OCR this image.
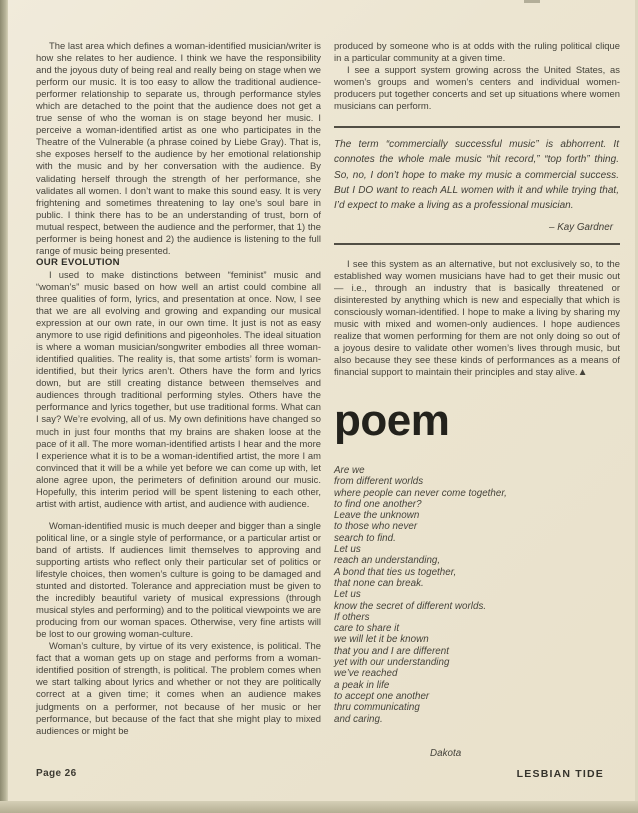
The last area which defines a woman-identified musician/writer is how she relates to her audience. I think we have the responsibility and the joyous duty of being real and really being on stage when we perform our music. It is too easy to allow the traditional audience-performer relationship to separate us, through performance styles which are detached to the point that the audience does not get a true sense of who the woman is on stage beyond her music. I perceive a woman-identified artist as one who participates in the Theatre of the Vulnerable (a phrase coined by Liebe Gray). That is, she exposes herself to the audience by her emotional relationship with the music and by her conversation with the audience. By validating herself through the strength of her performance, she validates all women. I don’t want to make this sound easy. It is very frightening and sometimes threatening to lay one’s soul bare in public. I think there has to be an understanding of trust, born of mutual respect, between the audience and the performer, that 1) the performer is being honest and 2) the audience is listening to the full range of music being presented.

OUR EVOLUTION

I used to make distinctions between “feminist” music and “woman’s” music based on how well an artist could combine all three qualities of form, lyrics, and presentation at once. Now, I see that we are all evolving and growing and expanding our musical expression at our own rate, in our own time. It just is not as easy anymore to use rigid definitions and pigeonholes. The ideal situation is where a woman musician/songwriter embodies all three woman-identified qualities. The reality is, that some artists’ form is woman-identified, but their lyrics aren’t. Others have the form and lyrics down, but are still creating distance between themselves and audiences through traditional performing styles. Others have the performance and lyrics together, but use traditional forms. What can I say? We’re evolving, all of us. My own definitions have changed so much in just four months that my brains are shaken loose at the pace of it all. The more woman-identified artists I hear and the more I experience what it is to be a woman-identified artist, the more I am convinced that it will be a while yet before we can come up with, let alone agree upon, the perimeters of definition around our music. Hopefully, this interim period will be spent listening to each other, artist with artist, audience with artist, and audience with audience.

Woman-identified music is much deeper and bigger than a single political line, or a single style of performance, or a particular artist or band of artists. If audiences limit themselves to approving and supporting artists who reflect only their particular set of politics or lifestyle choices, then women’s culture is going to be damaged and stunted and distorted. Tolerance and appreciation must be given to the incredibly beautiful variety of musical expressions (through musical styles and performing) and to the political viewpoints we are producing from our woman spaces. Otherwise, very fine artists will be lost to our growing woman-culture.

Woman’s culture, by virtue of its very existence, is political. The fact that a woman gets up on stage and performs from a woman-identified position of strength, is political. The problem comes when we start talking about lyrics and whether or not they are politically correct at a given time; it comes when an audience makes judgments on a performer, not because of her music or her performance, but because of the fact that she might play to mixed audiences or might be

produced by someone who is at odds with the ruling political clique in a particular community at a given time.

I see a support system growing across the United States, as women’s groups and women’s centers and individual women-producers put together concerts and set up situations where women musicians can perform.

The term “commercially successful music” is abhorrent. It connotes the whole male music “hit record,” “top forth” thing. So, no, I don’t hope to make my music a commercial success. But I DO want to reach ALL women with it and while trying that, I’d expect to make a living as a professional musician.
– Kay Gardner

I see this system as an alternative, but not exclusively so, to the established way women musicians have had to get their music out — i.e., through an industry that is basically threatened or disinterested by anything which is new and especially that which is consciously woman-identified. I hope to make a living by sharing my music with mixed and women-only audiences. I hope audiences realize that women performing for them are not only doing so out of a joyous desire to validate other women’s lives through music, but also because they see these kinds of performances as a means of financial support to maintain their principles and stay alive.▲

poem
Are we
from different worlds
where people can never come together,
to find one another?
Leave the unknown
to those who never
search to find.
Let us
reach an understanding,
A bond that ties us together,
that none can break.
Let us
know the secret of different worlds.
If others
care to share it
we will let it be known
that you and I are different
yet with our understanding
we’ve reached
a peak in life
to accept one another
thru communicating
and caring.

Dakota
Page 26	LESBIAN TIDE
